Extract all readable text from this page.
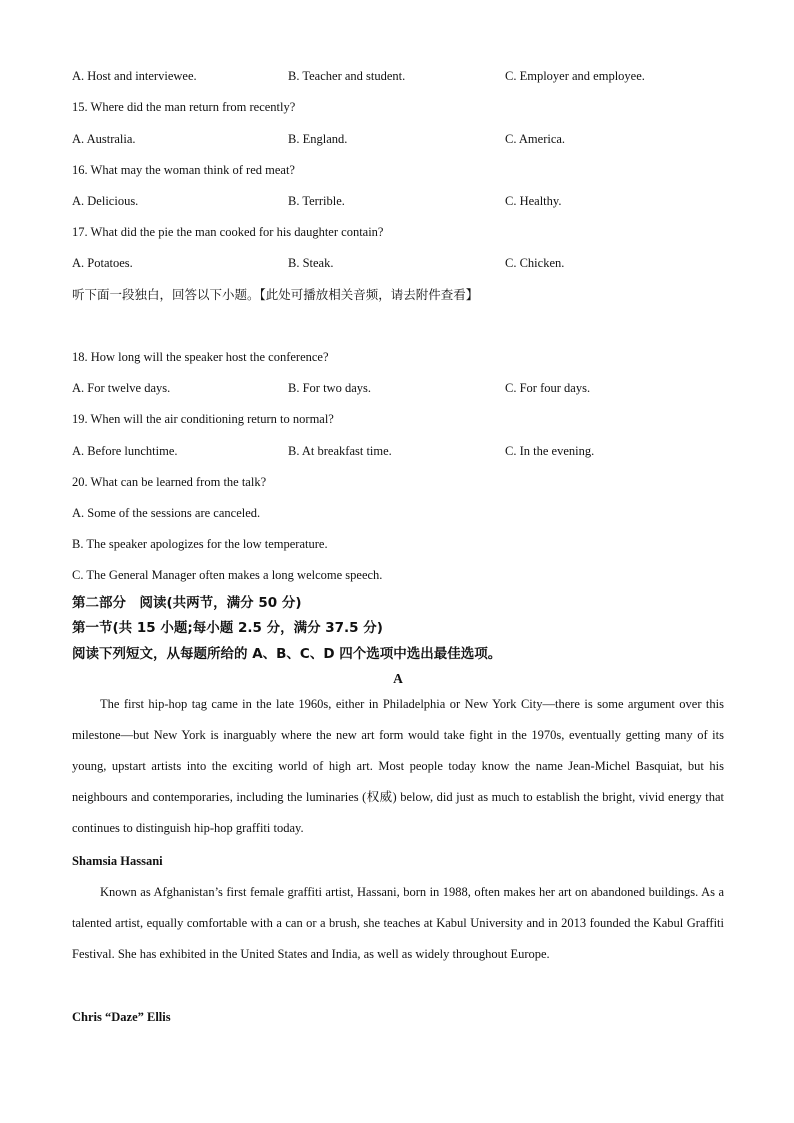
A. Host and interviewee.	B. Teacher and student.	C. Employer and employee.
15. Where did the man return from recently?
A. Australia.	B. England.	C. America.
16. What may the woman think of red meat?
A. Delicious.	B. Terrible.	C. Healthy.
17. What did the pie the man cooked for his daughter contain?
A. Potatoes.	B. Steak.	C. Chicken.
听下面一段独白，回答以下小题。【此处可播放相关音频，请去附件查看】
18. How long will the speaker host the conference?
A. For twelve days.	B. For two days.	C. For four days.
19. When will the air conditioning return to normal?
A. Before lunchtime.	B. At breakfast time.	C. In the evening.
20. What can be learned from the talk?
A. Some of the sessions are canceled.
B. The speaker apologizes for the low temperature.
C. The General Manager often makes a long welcome speech.
第二部分　阅读(共两节，满分 50 分)
第一节(共 15 小题;每小题 2.5 分，满分 37.5 分)
阅读下列短文，从每题所给的 A、B、C、D 四个选项中选出最佳选项。
A

The first hip-hop tag came in the late 1960s, either in Philadelphia or New York City—there is some argument over this milestone—but New York is inarguably where the new art form would take fight in the 1970s, eventually getting many of its young, upstart artists into the exciting world of high art. Most people today know the name Jean-Michel Basquiat, but his neighbours and contemporaries, including the luminaries (权威) below, did just as much to establish the bright, vivid energy that continues to distinguish hip-hop graffiti today.

Shamsia Hassani

Known as Afghanistan’s first female graffiti artist, Hassani, born in 1988, often makes her art on abandoned buildings. As a talented artist, equally comfortable with a can or a brush, she teaches at Kabul University and in 2013 founded the Kabul Graffiti Festival. She has exhibited in the United States and India, as well as widely throughout Europe.

Chris “Daze” Ellis
